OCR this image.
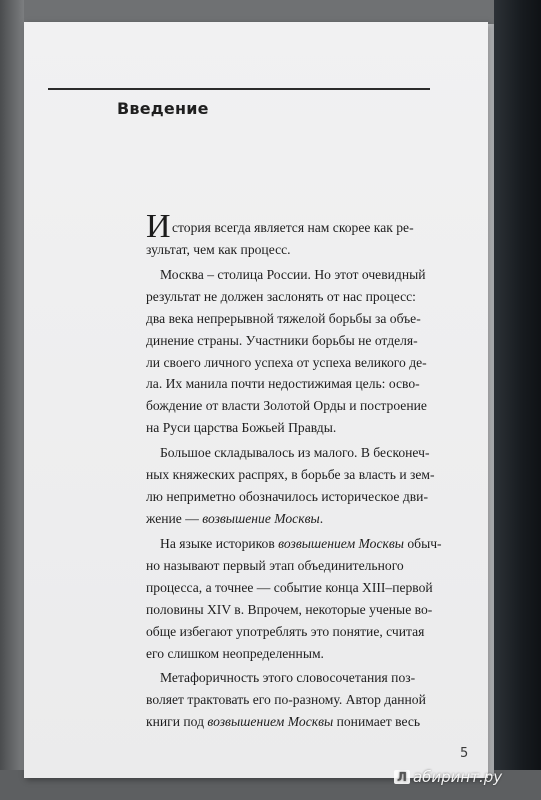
Введение
И стория всегда является нам скорее как ре-
зультат, чем как процесс.
Москва – столица России. Но этот очевидный
результат не должен заслонять от нас процесс:
два века непрерывной тяжелой борьбы за объе-
динение страны. Участники борьбы не отделя-
ли своего личного успеха от успеха великого де-
ла. Их манила почти недостижимая цель: осво-
бождение от власти Золотой Орды и построение
на Руси царства Божьей Правды.
Большое складывалось из малого. В бесконеч-
ных княжеских распрях, в борьбе за власть и зем-
лю неприметно обозначилось историческое дви-
жение — возвышение Москвы.
На языке историков возвышением Москвы обыч-
но называют первый этап объединительного
процесса, а точнее — событие конца XIII–первой
половины XIV в. Впрочем, некоторые ученые во-
обще избегают употреблять это понятие, считая
его слишком неопределенным.
Метафоричность этого словосочетания поз-
воляет трактовать его по-разному. Автор данной
книги под возвышением Москвы понимает весь
5
Л абиринт.ру
